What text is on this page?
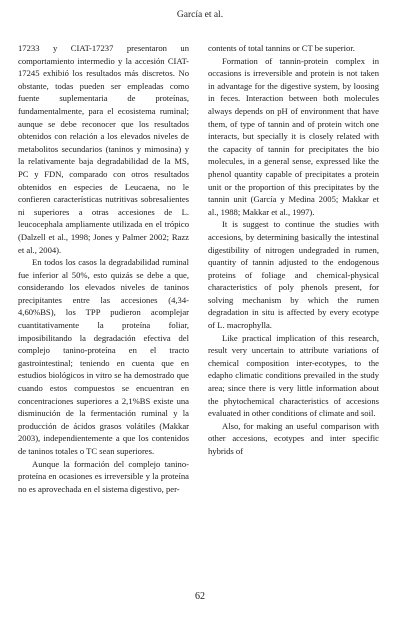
García et al.

17233 y CIAT-17237 presentaron un comportamiento intermedio y la accesión CIAT-17245 exhibió los resultados más discretos. No obstante, todas pueden ser empleadas como fuente suplementaria de proteínas, fundamentalmente, para el ecosistema ruminal; aunque se debe reconocer que los resultados obtenidos con relación a los elevados niveles de metabolitos secundarios (taninos y mimosina) y la relativamente baja degradabilidad de la MS, PC y FDN, comparado con otros resultados obtenidos en especies de Leucaena, no le confieren características nutritivas sobresalientes ni superiores a otras accesiones de L. leucocephala ampliamente utilizada en el trópico (Dalzell et al., 1998; Jones y Palmer 2002; Razz et al., 2004).

En todos los casos la degradabilidad ruminal fue inferior al 50%, esto quizás se debe a que, considerando los elevados niveles de taninos precipitantes entre las accesiones (4,34-4,60%BS), los TPP pudieron acomplejar cuantitativamente la proteína foliar, imposibilitando la degradación efectiva del complejo tanino-proteína en el tracto gastrointestinal; teniendo en cuenta que en estudios biológicos in vitro se ha demostrado que cuando estos compuestos se encuentran en concentraciones superiores a 2,1%BS existe una disminución de la fermentación ruminal y la producción de ácidos grasos volátiles (Makkar 2003), independientemente a que los contenidos de taninos totales o TC sean superiores.

Aunque la formación del complejo tanino-proteína en ocasiones es irreversible y la proteína no es aprovechada en el sistema digestivo, per-

contents of total tannins or CT be superior.

Formation of tannin-protein complex in occasions is irreversible and protein is not taken in advantage for the digestive system, by loosing in feces. Interaction between both molecules always depends on pH of environment that have them, of type of tannin and of protein witch one interacts, but specially it is closely related with the capacity of tannin for precipitates the bio molecules, in a general sense, expressed like the phenol quantity capable of precipitates a protein unit or the proportion of this precipitates by the tannin unit (García y Medina 2005; Makkar et al., 1988; Makkar et al., 1997).

It is suggest to continue the studies with accesions, by determining basically the intestinal digestibility of nitrogen undegraded in rumen, quantity of tannin adjusted to the endogenous proteins of foliage and chemical-physical characteristics of poly phenols present, for solving mechanism by which the rumen degradation in situ is affected by every ecotype of L. macrophylla.

Like practical implication of this research, result very uncertain to attribute variations of chemical composition inter-ecotypes, to the edapho climatic conditions prevailed in the study area; since there is very little information about the phytochemical characteristics of accesions evaluated in other conditions of climate and soil.

Also, for making an useful comparison with other accesions, ecotypes and inter specific hybrids of

62
